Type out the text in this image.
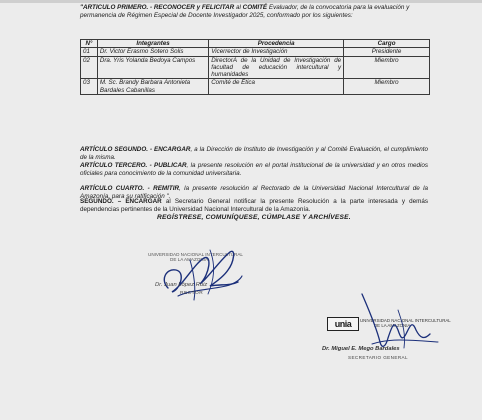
"ARTICULO PRIMERO. - RECONOCER y FELICITAR al COMITÉ Evaluador, de la convocatoria para la evaluación y permanencia de Régimen Especial de Docente Investigador 2025, conformado por los siguientes:
N°	Integrantes	Procedencia	Cargo
01	Dr. Victor Erasmo Sotero Solis	Vicerrector de Investigación	Presidente
02	Dra. Yris Yolanda Bedoya Campos	DirectorA de la Unidad de Investigación de facultad de educación intercultural y humanidades	Miembro
03	M. Sc. Brandy Barbara Antonieta Bardales Cabanillas	Comité de Ética	Miembro
ARTÍCULO SEGUNDO. - ENCARGAR, a la Dirección de Instituto de Investigación y al Comité Evaluación, el cumplimiento de la misma.
ARTÍCULO TERCERO. - PUBLICAR, la presente resolución en el portal institucional de la universidad y en otros medios oficiales para conocimiento de la comunidad universitaria.
ARTÍCULO CUARTO. - REMITIR, la presente resolución al Rectorado de la Universidad Nacional Intercultural de la Amazonía, para su ratificación ".
SEGUNDO. – ENCARGAR al Secretario General notificar la presente Resolución a la parte interesada y demás dependencias pertinentes de la Universidad Nacional Intercultural de la Amazonía.
REGÍSTRESE, COMUNÍQUESE, CÚMPLASE Y ARCHÍVESE.
UNIVERSIDAD NACIONAL INTERCULTURAL
DE LA AMAZONIA
Dr. Juan López Ruiz
RECTOR
unia	UNIVERSIDAD NACIONAL INTERCULTURAL
DE LA AMAZONIA
Dr. Miguel E. Mego Bardales
SECRETARIO GENERAL
